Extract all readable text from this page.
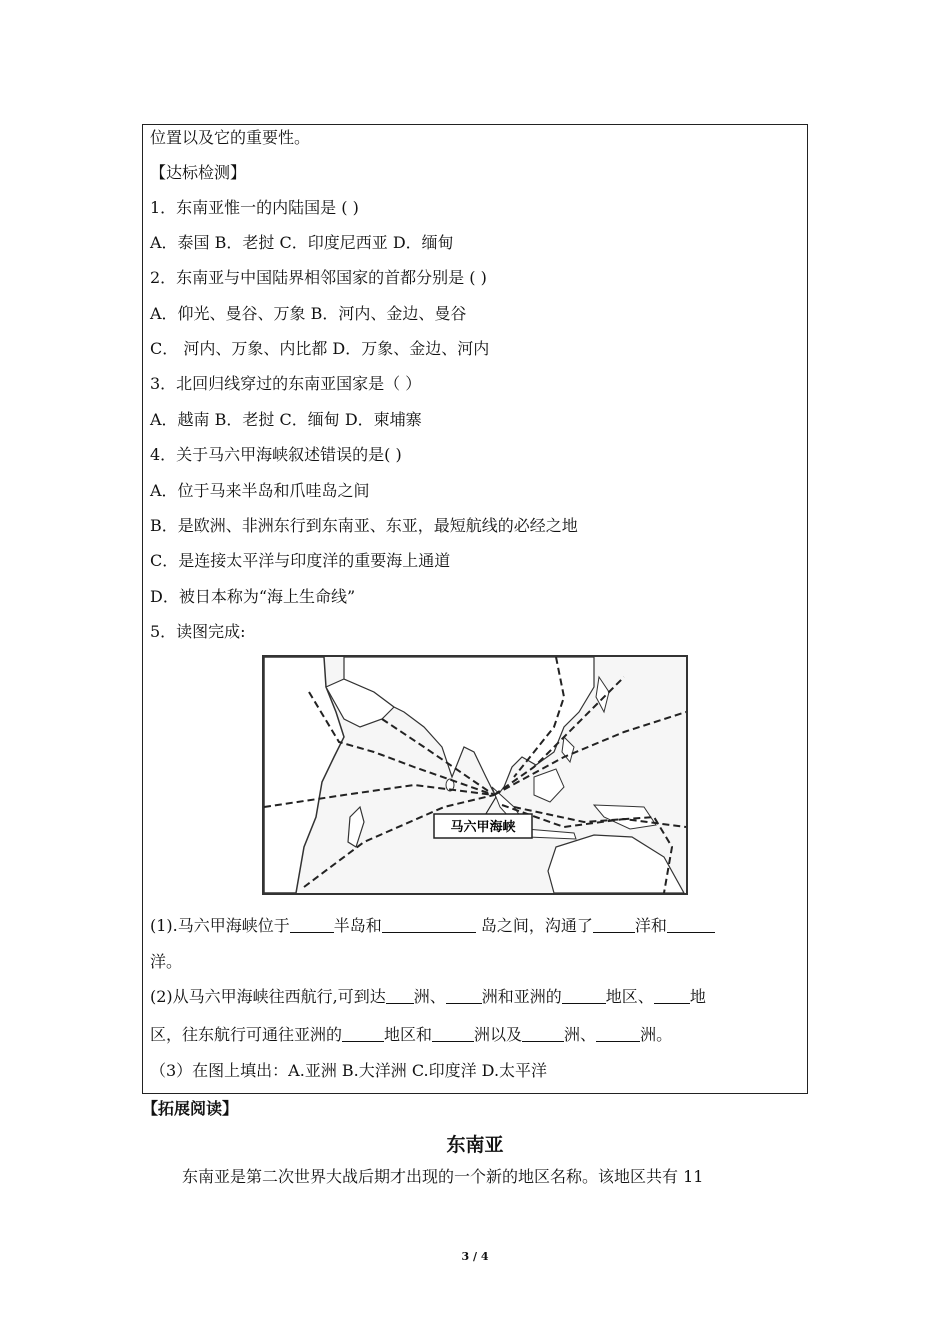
位置以及它的重要性。
【达标检测】
1．东南亚惟一的内陆国是 ( )
A．泰国 B．老挝 C．印度尼西亚 D．缅甸
2．东南亚与中国陆界相邻国家的首都分别是 ( )
A．仰光、曼谷、万象 B．河内、金边、曼谷
C． 河内、万象、内比都 D．万象、金边、河内
3．北回归线穿过的东南亚国家是（ ）
A．越南 B．老挝 C．缅甸 D．柬埔寨
4．关于马六甲海峡叙述错误的是( )
A．位于马来半岛和爪哇岛之间
B．是欧洲、非洲东行到东南亚、东亚，最短航线的必经之地
C．是连接太平洋与印度洋的重要海上通道
D．被日本称为“海上生命线”
5．读图完成:
马六甲海峡
(1).马六甲海峡位于	半岛和	岛之间，沟通了	洋和
洋。
(2)从马六甲海峡往西航行,可到达 洲、 洲和亚洲的	地区、 地
区，往东航行可通往亚洲的	地区和	洲以及	洲、	洲。
（3）在图上填出：A.亚洲 B.大洋洲 C.印度洋 D.太平洋
【拓展阅读】
东南亚
东南亚是第二次世界大战后期才出现的一个新的地区名称。该地区共有 11
3 / 4
